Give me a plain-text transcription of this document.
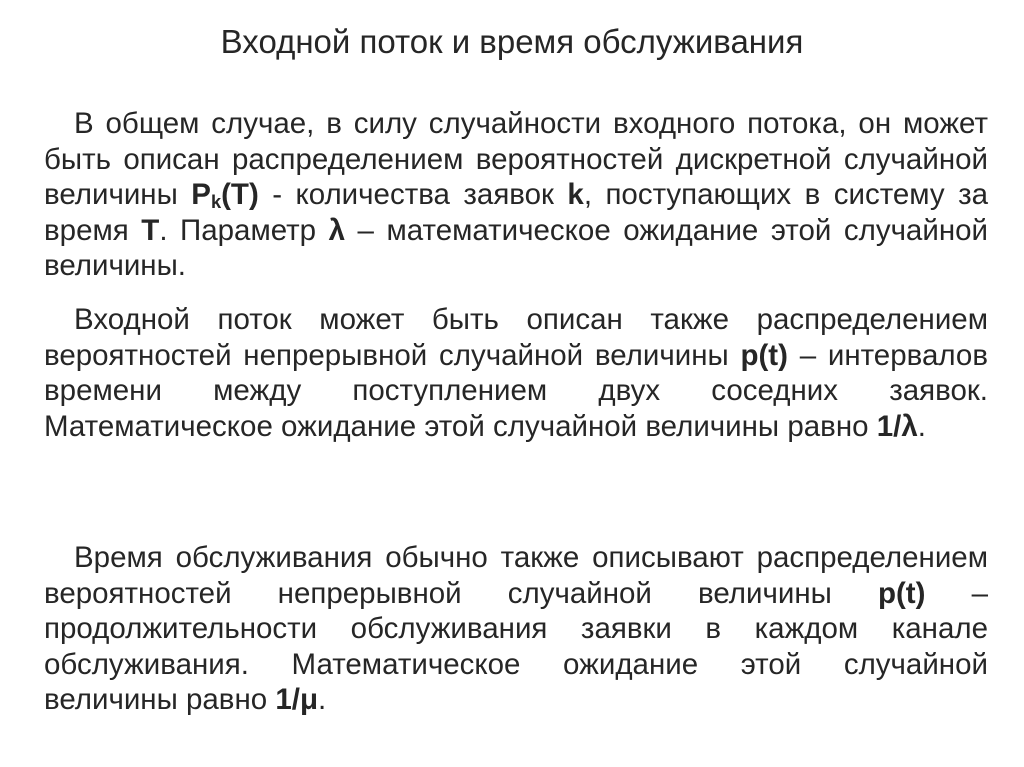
Входной поток и время обслуживания

В общем случае, в силу случайности входного потока, он может быть описан распределением вероятностей дискретной случайной величины $P_k(T)$ - количества заявок k, поступающих в систему за время T. Параметр λ – математическое ожидание этой случайной величины.

Входной поток может быть описан также распределением вероятностей непрерывной случайной величины p(t) – интервалов времени между поступлением двух соседних заявок. Математическое ожидание этой случайной величины равно 1/λ.

Время обслуживания обычно также описывают распределением вероятностей непрерывной случайной величины p(t) – продолжительности обслуживания заявки в каждом канале обслуживания. Математическое ожидание этой случайной величины равно 1/μ.
